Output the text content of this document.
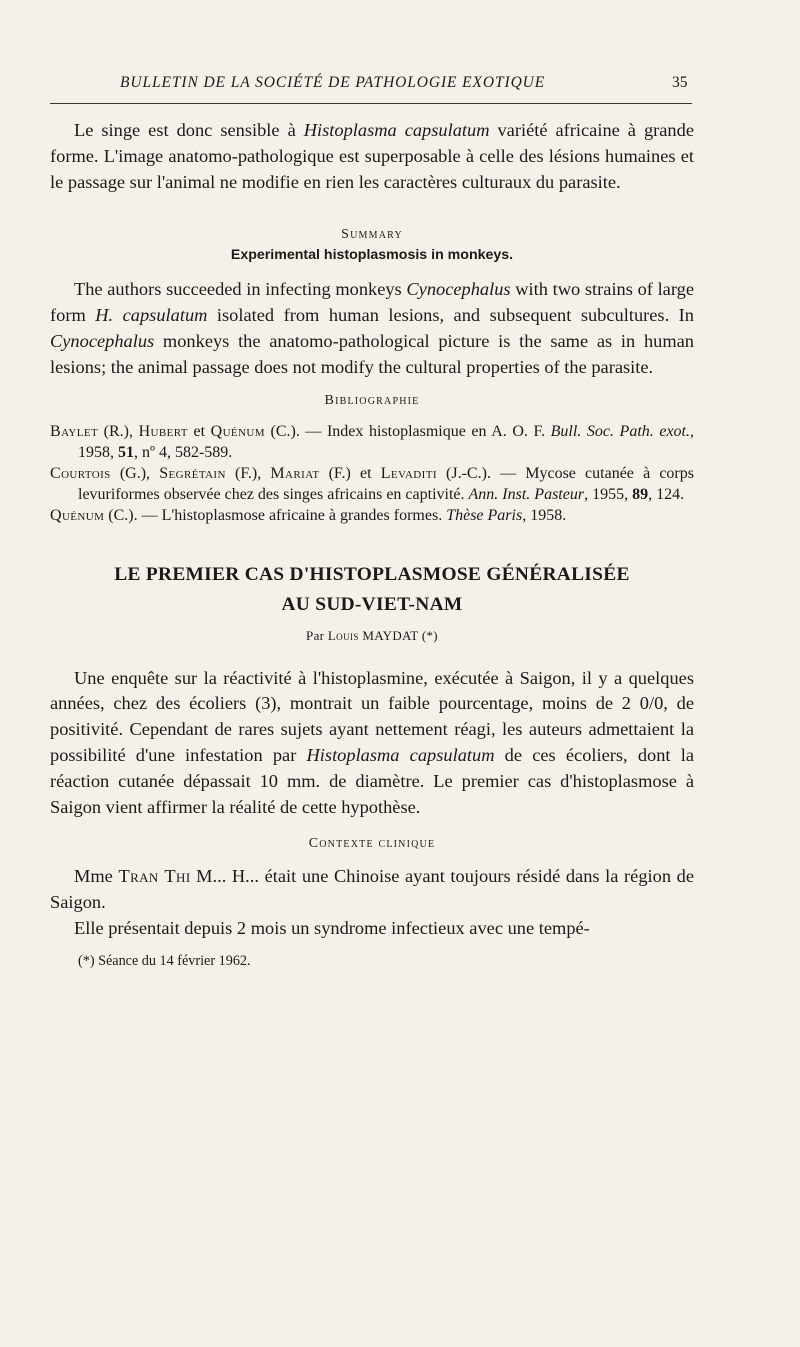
BULLETIN DE LA SOCIÉTÉ DE PATHOLOGIE EXOTIQUE	35

Le singe est donc sensible à Histoplasma capsulatum variété africaine à grande forme. L'image anatomo-pathologique est superposable à celle des lésions humaines et le passage sur l'animal ne modifie en rien les caractères culturaux du parasite.

Summary

Experimental histoplasmosis in monkeys.

The authors succeeded in infecting monkeys Cynocephalus with two strains of large form H. capsulatum isolated from human lesions, and subsequent subcultures. In Cynocephalus monkeys the anatomo-pathological picture is the same as in human lesions; the animal passage does not modify the cultural properties of the parasite.

Bibliographie

Baylet (R.), Hubert et Quénum (C.). — Index histoplasmique en A. O. F. Bull. Soc. Path. exot., 1958, 51, nº 4, 582-589.

Courtois (G.), Segrétain (F.), Mariat (F.) et Levaditi (J.-C.). — Mycose cutanée à corps levuriformes observée chez des singes africains en captivité. Ann. Inst. Pasteur, 1955, 89, 124.

Quénum (C.). — L'histoplasmose africaine à grandes formes. Thèse Paris, 1958.

LE PREMIER CAS D'HISTOPLASMOSE GÉNÉRALISÉE

AU SUD-VIET-NAM

Par Louis MAYDAT (*)

Une enquête sur la réactivité à l'histoplasmine, exécutée à Saigon, il y a quelques années, chez des écoliers (3), montrait un faible pourcentage, moins de 2 0/0, de positivité. Cependant de rares sujets ayant nettement réagi, les auteurs admettaient la possibilité d'une infestation par Histoplasma capsulatum de ces écoliers, dont la réaction cutanée dépassait 10 mm. de diamètre. Le premier cas d'histoplasmose à Saigon vient affirmer la réalité de cette hypothèse.

Contexte clinique

Mme Tran Thi M... H... était une Chinoise ayant toujours résidé dans la région de Saigon.

Elle présentait depuis 2 mois un syndrome infectieux avec une tempé-

(*) Séance du 14 février 1962.
